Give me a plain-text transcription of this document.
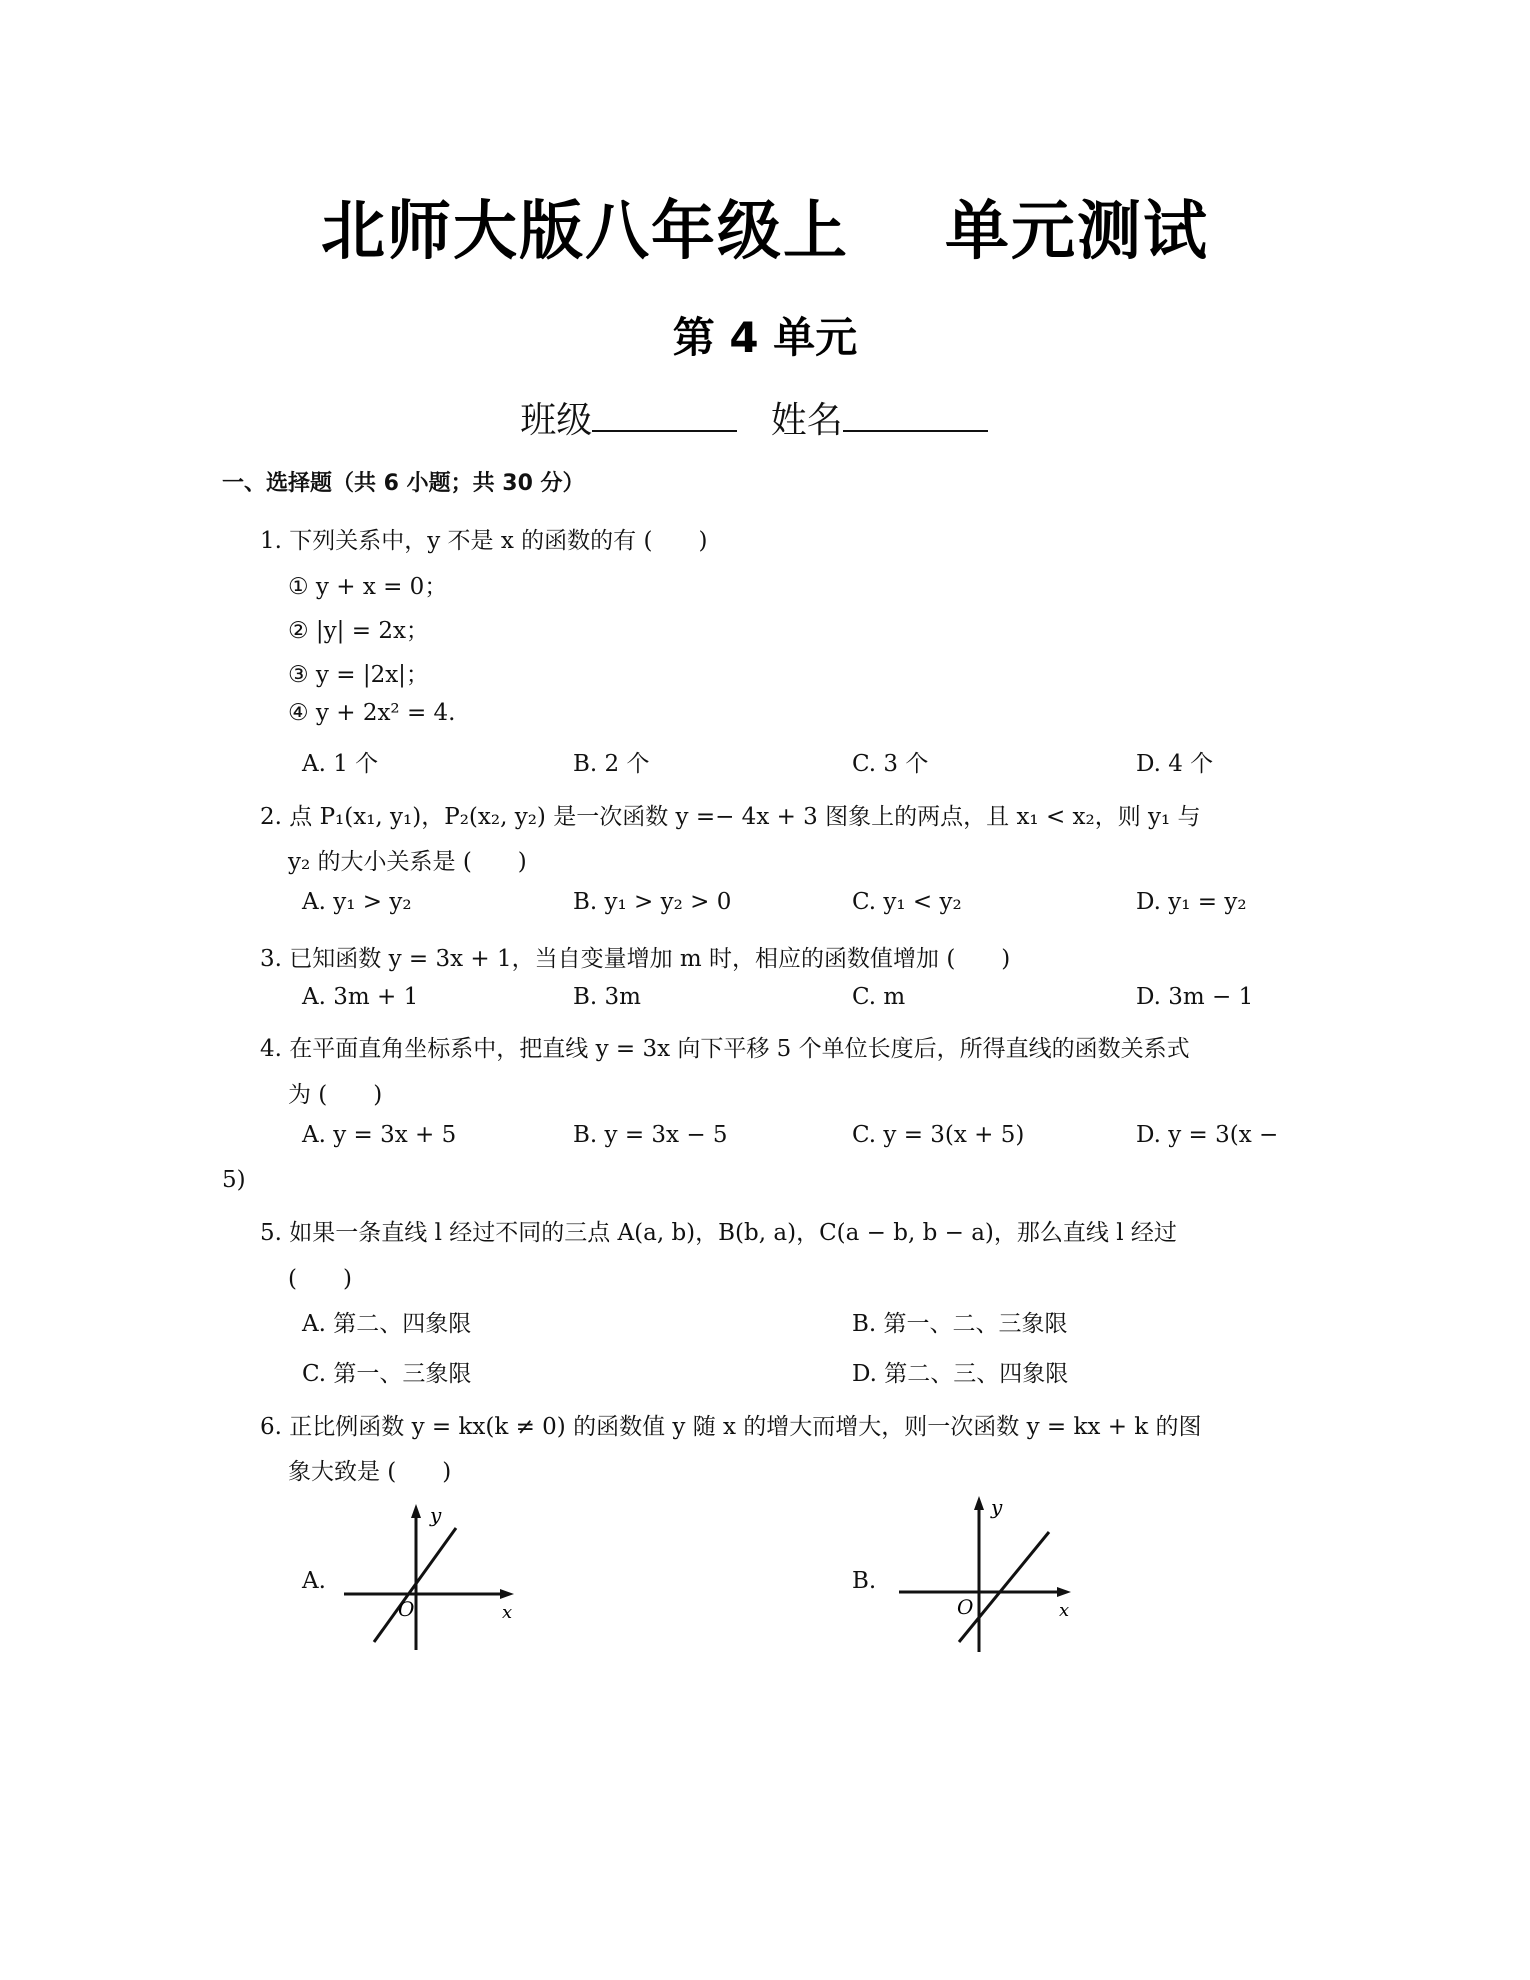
北师大版八年级上 单元测试
第 4 单元
班级	姓名
一、选择题（共 6 小题；共 30 分）
1. 下列关系中，y 不是 x 的函数的有 (　　)
① y + x = 0；
② |y| = 2x；
③ y = |2x|；
④ y + 2x² = 4.
A. 1 个	B. 2 个	C. 3 个	D. 4 个
2. 点 P₁(x₁, y₁)，P₂(x₂, y₂) 是一次函数 y =− 4x + 3 图象上的两点，且 x₁ < x₂，则 y₁ 与
y₂ 的大小关系是 (　　)
A. y₁ > y₂	B. y₁ > y₂ > 0	C. y₁ < y₂	D. y₁ = y₂
3. 已知函数 y = 3x + 1，当自变量增加 m 时，相应的函数值增加 (　　)
A. 3m + 1	B. 3m	C. m	D. 3m − 1
4. 在平面直角坐标系中，把直线 y = 3x 向下平移 5 个单位长度后，所得直线的函数关系式
为 (　　)
A. y = 3x + 5	B. y = 3x − 5	C. y = 3(x + 5)	D. y = 3(x −
5)
5. 如果一条直线 l 经过不同的三点 A(a, b)，B(b, a)，C(a − b, b − a)，那么直线 l 经过
(　　)
A. 第二、四象限	B. 第一、二、三象限
C. 第一、三象限	D. 第二、三、四象限
6. 正比例函数 y = kx(k ≠ 0) 的函数值 y 随 x 的增大而增大，则一次函数 y = kx + k 的图
象大致是 (　　)
A.
y
x
O
B.
y
x
O
